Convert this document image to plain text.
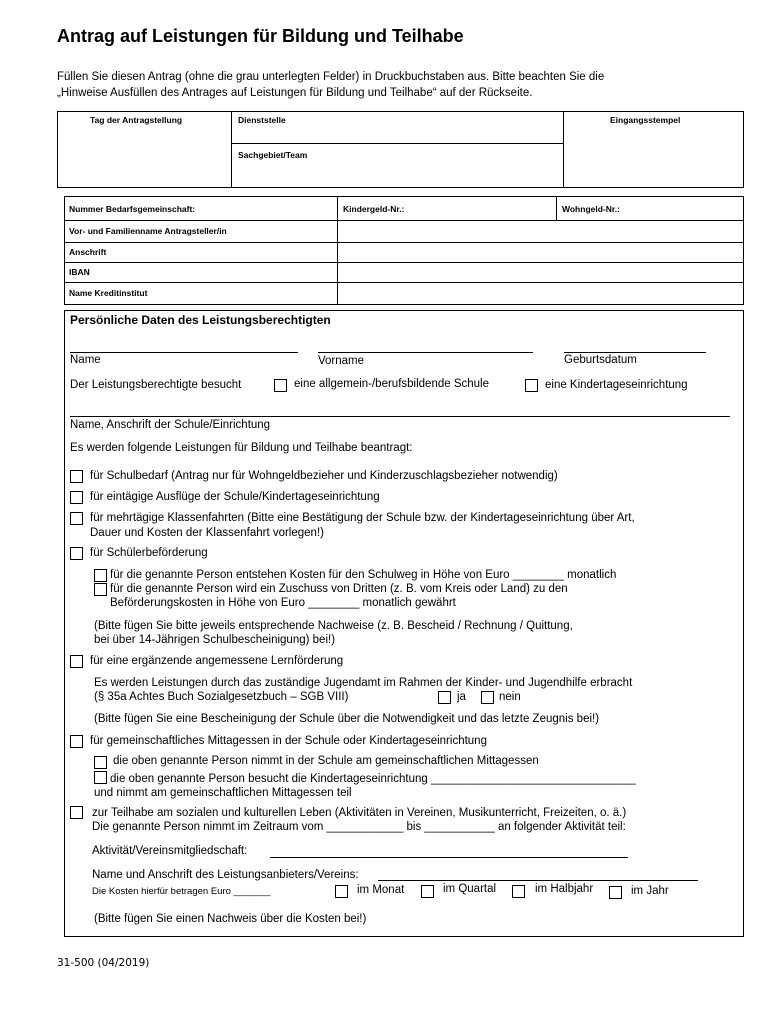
Antrag auf Leistungen für Bildung und Teilhabe
Füllen Sie diesen Antrag (ohne die grau unterlegten Felder) in Druckbuchstaben aus. Bitte beachten Sie die
„Hinweise Ausfüllen des Antrages auf Leistungen für Bildung und Teilhabe“ auf der Rückseite.
Tag der Antragstellung	Dienststelle
Sachgebiet/Team
Eingangsstempel
Nummer Bedarfsgemeinschaft:	Kindergeld-Nr.:	Wohngeld-Nr.:
Vor- und Familienname Antragsteller/in
Anschrift
IBAN
Name Kreditinstitut
Persönliche Daten des Leistungsberechtigten
Name	Vorname	Geburtsdatum
Der Leistungsberechtigte besucht	eine allgemein-/berufsbildende Schule	eine Kindertageseinrichtung
Name, Anschrift der Schule/Einrichtung
Es werden folgende Leistungen für Bildung und Teilhabe beantragt:
für Schulbedarf (Antrag nur für Wohngeldbezieher und Kinderzuschlagsbezieher notwendig)
für eintägige Ausflüge der Schule/Kindertageseinrichtung
für mehrtägige Klassenfahrten (Bitte eine Bestätigung der Schule bzw. der Kindertageseinrichtung über Art,
Dauer und Kosten der Klassenfahrt vorlegen!)
für Schülerbeförderung
für die genannte Person entstehen Kosten für den Schulweg in Höhe von Euro ________ monatlich
für die genannte Person wird ein Zuschuss von Dritten (z. B. vom Kreis oder Land) zu den
Beförderungskosten in Höhe von Euro ________ monatlich gewährt
(Bitte fügen Sie bitte jeweils entsprechende Nachweise (z. B. Bescheid / Rechnung / Quittung,
bei über 14-Jährigen Schulbescheinigung) bei!)
für eine ergänzende angemessene Lernförderung
Es werden Leistungen durch das zuständige Jugendamt im Rahmen der Kinder- und Jugendhilfe erbracht
(§ 35a Achtes Buch Sozialgesetzbuch – SGB VIII)	ja	nein
(Bitte fügen Sie eine Bescheinigung der Schule über die Notwendigkeit und das letzte Zeugnis bei!)
für gemeinschaftliches Mittagessen in der Schule oder Kindertageseinrichtung
die oben genannte Person nimmt in der Schule am gemeinschaftlichen Mittagessen
die oben genannte Person besucht die Kindertageseinrichtung ________________________________
und nimmt am gemeinschaftlichen Mittagessen teil
zur Teilhabe am sozialen und kulturellen Leben (Aktivitäten in Vereinen, Musikunterricht, Freizeiten, o. ä.)
Die genannte Person nimmt im Zeitraum vom ____________ bis ___________ an folgender Aktivität teil:
Aktivität/Vereinsmitgliedschaft:
Name und Anschrift des Leistungsanbieters/Vereins:
Die Kosten hierfür betragen Euro _______	im Monat	im Quartal	im Halbjahr	im Jahr
(Bitte fügen Sie einen Nachweis über die Kosten bei!)
31-500 (04/2019)
